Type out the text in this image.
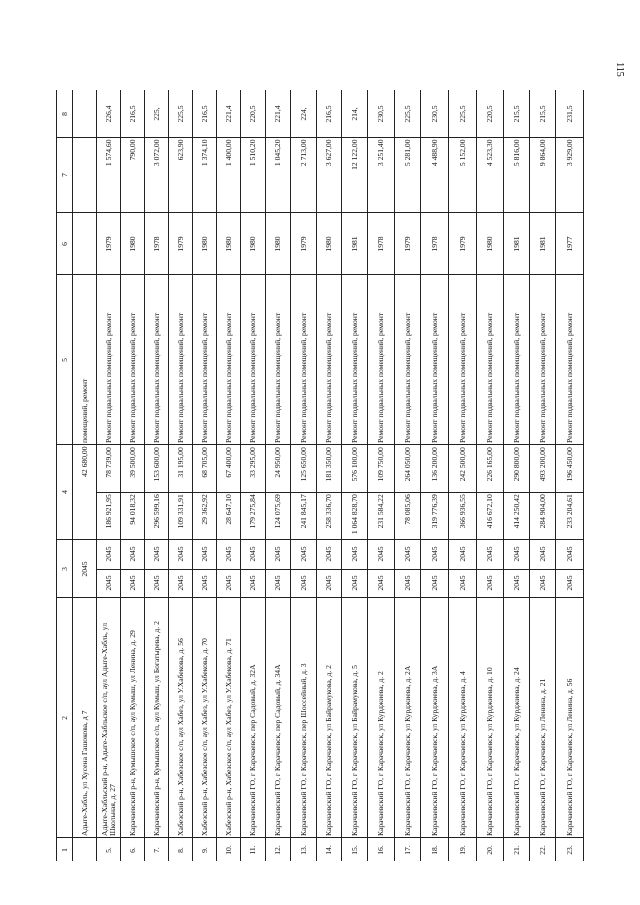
115
1
2
3
4
5
6
7
8
Адыге-Хабль, ул Хусена Гашокова, д 7
2045
42 680,00
помещений, ремонт
5.
Адыге-Хабльский р-н, Адыге-Хабльское с/п, аул Адыге-Хабль, ул Школьная, д. 27
2045
2045
78 739,00
186 921,95
Ремонт подвальных помещений, ремонт
1979
1 574,60
226,4
6.
Карачаевский р-н, Кумышское с/п, аул Кумыш, ул Ленина, д. 29
2045
2045
39 500,00
94 018,32
Ремонт подвальных помещений, ремонт
1980
790,00
216,5
7.
Карачаевский р-н, Кумышское с/п, аул Кумыш, ул Богатырева, д. 2
2045
2045
153 600,00
296 599,16
Ремонт подвальных помещений, ремонт
1978
3 072,00
225,
8.
Хабезский р-н, Хабезское с/п, аул Хабез, ул У.Хабекова, д. 56
2045
2045
31 195,00
109 331,91
Ремонт подвальных помещений, ремонт
1979
623,90
225,5
9.
Хабезский р-н, Хабезское с/п, аул Хабез, ул У.Хабекова, д. 70
2045
2045
68 705,00
29 362,92
Ремонт подвальных помещений, ремонт
1980
1 374,10
216,5
10.
Хабезский р-н, Хабезское с/п, аул Хабез, ул У.Хабекова, д. 71
2045
2045
67 400,00
28 647,10
Ремонт подвальных помещений, ремонт
1980
1 400,00
221,4
11.
Карачаевский ГО, г Карачаевск, пер Садовый, д. 32А
2045
2045
33 295,00
179 275,84
Ремонт подвальных помещений, ремонт
1980
1 510,20
220,5
12.
Карачаевский ГО, г Карачаевск, пер Садовый, д. 34А
2045
2045
24 950,00
124 075,69
Ремонт подвальных помещений, ремонт
1980
1 045,20
221,4
13.
Карачаевский ГО, г Карачаевск, пер Шоссейный, д. 3
2045
2045
125 650,00
241 845,17
Ремонт подвальных помещений, ремонт
1979
2 713,00
224,
14.
Карачаевский ГО, г Карачаевск, ул Байрамукова, д. 2
2045
2045
181 350,00
258 336,70
Ремонт подвальных помещений, ремонт
1980
3 627,00
216,5
15.
Карачаевский ГО, г Карачаевск, ул Байрамукова, д. 5
2045
2045
576 100,00
1 064 828,70
Ремонт подвальных помещений, ремонт
1981
12 122,00
214,
16.
Карачаевский ГО, г Карачаевск, ул Курджиева, д. 2
2045
2045
109 750,00
231 584,22
Ремонт подвальных помещений, ремонт
1978
3 251,40
230,5
17.
Карачаевский ГО, г Карачаевск, ул Курджиева, д. 2А
2045
2045
264 050,00
78 085,06
Ремонт подвальных помещений, ремонт
1979
5 281,00
225,5
18.
Карачаевский ГО, г Карачаевск, ул Курджиева, д. 3А
2045
2045
136 200,00
319 776,39
Ремонт подвальных помещений, ремонт
1978
4 488,90
230,5
19.
Карачаевский ГО, г Карачаевск, ул Курджиева, д. 4
2045
2045
242 500,00
366 936,55
Ремонт подвальных помещений, ремонт
1979
5 152,00
225,5
20.
Карачаевский ГО, г Карачаевск, ул Курджиева, д. 10
2045
2045
226 165,00
416 672,10
Ремонт подвальных помещений, ремонт
1980
4 523,30
220,5
21.
Карачаевский ГО, г Карачаевск, ул Курджиева, д. 24
2045
2045
290 800,00
414 250,42
Ремонт подвальных помещений, ремонт
1981
5 816,00
215,5
22.
Карачаевский ГО, г Карачаевск, ул Ленина, д. 21
2045
2045
493 200,00
284 904,00
Ремонт подвальных помещений, ремонт
1981
9 864,00
215,5
23.
Карачаевский ГО, г Карачаевск, ул Ленина, д. 56
2045
2045
196 450,00
233 204,61
Ремонт подвальных помещений, ремонт
1977
3 929,00
231,5
